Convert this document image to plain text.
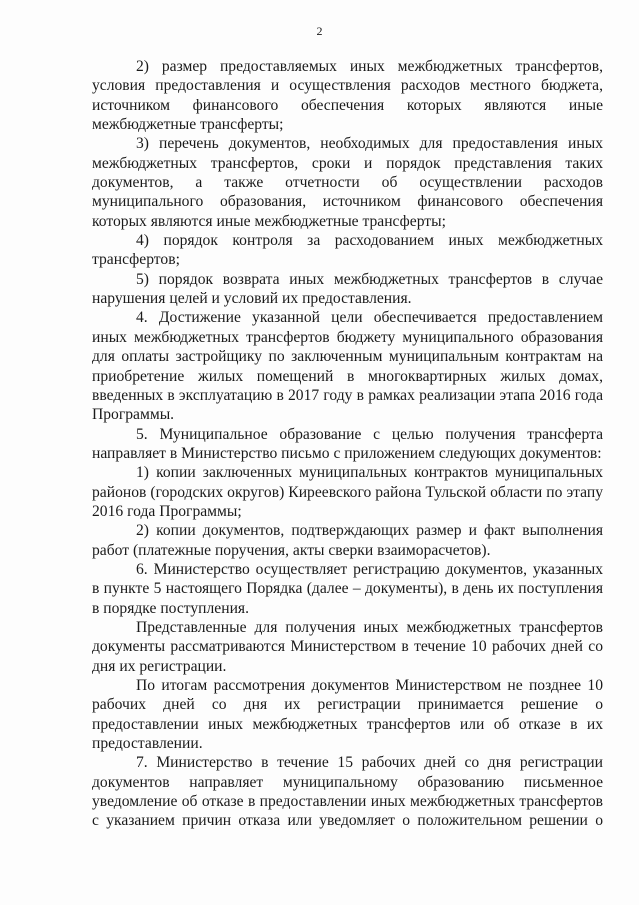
2

2) размер предоставляемых иных межбюджетных трансфертов, условия предоставления и осуществления расходов местного бюджета, источником финансового обеспечения которых являются иные межбюджетные трансферты;

3) перечень документов, необходимых для предоставления иных межбюджетных трансфертов, сроки и порядок представления таких документов, а также отчетности об осуществлении расходов муниципального образования, источником финансового обеспечения которых являются иные межбюджетные трансферты;

4) порядок контроля за расходованием иных межбюджетных трансфертов;

5) порядок возврата иных межбюджетных трансфертов в случае нарушения целей и условий их предоставления.

4. Достижение указанной цели обеспечивается предоставлением иных межбюджетных трансфертов бюджету муниципального образования для оплаты застройщику по заключенным муниципальным контрактам на приобретение жилых помещений в многоквартирных жилых домах, введенных в эксплуатацию в 2017 году в рамках реализации этапа 2016 года Программы.

5. Муниципальное образование с целью получения трансферта направляет в Министерство письмо с приложением следующих документов:

1) копии заключенных муниципальных контрактов муниципальных районов (городских округов) Киреевского района Тульской области по этапу 2016 года Программы;

2) копии документов, подтверждающих размер и факт выполнения работ (платежные поручения, акты сверки взаиморасчетов).

6. Министерство осуществляет регистрацию документов, указанных в пункте 5 настоящего Порядка (далее – документы), в день их поступления в порядке поступления.

Представленные для получения иных межбюджетных трансфертов документы рассматриваются Министерством в течение 10 рабочих дней со дня их регистрации.

По итогам рассмотрения документов Министерством не позднее 10 рабочих дней со дня их регистрации принимается решение о предоставлении иных межбюджетных трансфертов или об отказе в их предоставлении.

7. Министерство в течение 15 рабочих дней со дня регистрации документов направляет муниципальному образованию письменное уведомление об отказе в предоставлении иных межбюджетных трансфертов с указанием причин отказа или уведомляет о положительном решении о
